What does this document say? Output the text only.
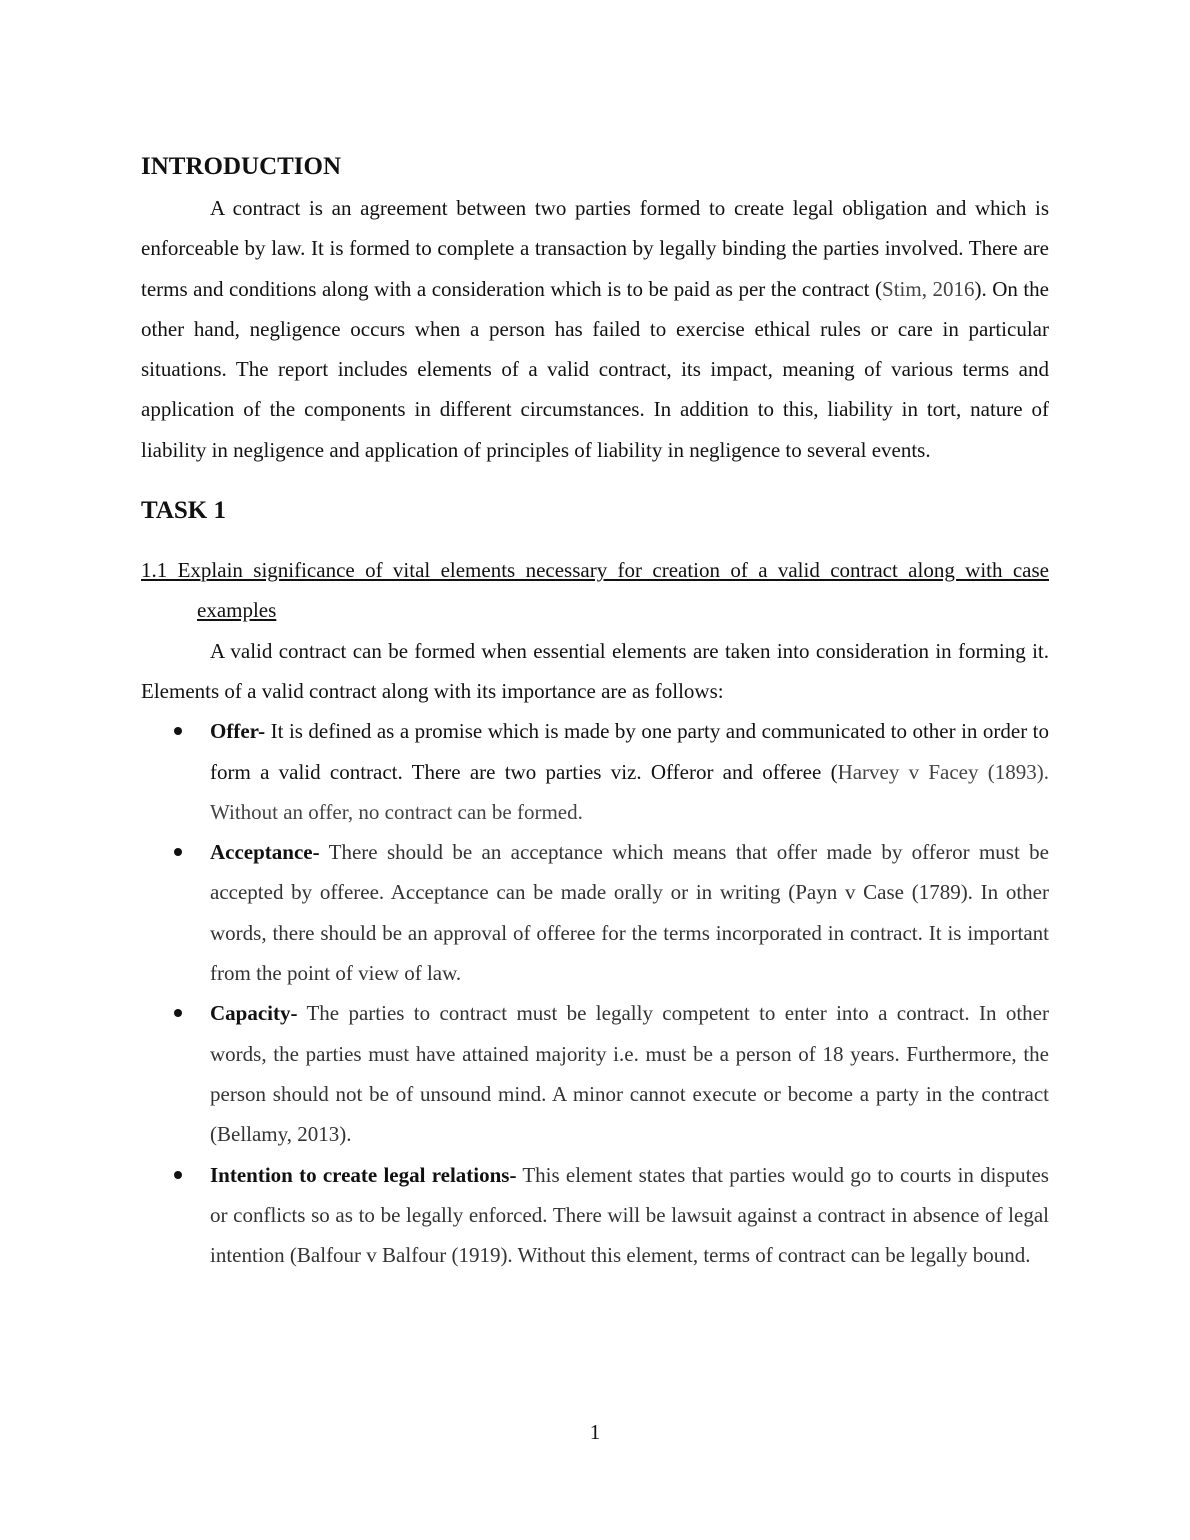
INTRODUCTION

A contract is an agreement between two parties formed to create legal obligation and which is enforceable by law. It is formed to complete a transaction by legally binding the parties involved. There are terms and conditions along with a consideration which is to be paid as per the contract (Stim, 2016). On the other hand, negligence occurs when a person has failed to exercise ethical rules or care in particular situations. The report includes elements of a valid contract, its impact, meaning of various terms and application of the components in different circumstances. In addition to this, liability in tort, nature of liability in negligence and application of principles of liability in negligence to several events.

TASK 1

1.1 Explain significance of vital elements necessary for creation of a valid contract along with case examples

A valid contract can be formed when essential elements are taken into consideration in forming it. Elements of a valid contract along with its importance are as follows:

Offer- It is defined as a promise which is made by one party and communicated to other in order to form a valid contract. There are two parties viz. Offeror and offeree (Harvey v Facey (1893). Without an offer, no contract can be formed.
Acceptance- There should be an acceptance which means that offer made by offeror must be accepted by offeree. Acceptance can be made orally or in writing (Payn v Case (1789). In other words, there should be an approval of offeree for the terms incorporated in contract. It is important from the point of view of law.
Capacity- The parties to contract must be legally competent to enter into a contract. In other words, the parties must have attained majority i.e. must be a person of 18 years. Furthermore, the person should not be of unsound mind. A minor cannot execute or become a party in the contract (Bellamy, 2013).
Intention to create legal relations- This element states that parties would go to courts in disputes or conflicts so as to be legally enforced. There will be lawsuit against a contract in absence of legal intention (Balfour v Balfour (1919). Without this element, terms of contract can be legally bound.
1
